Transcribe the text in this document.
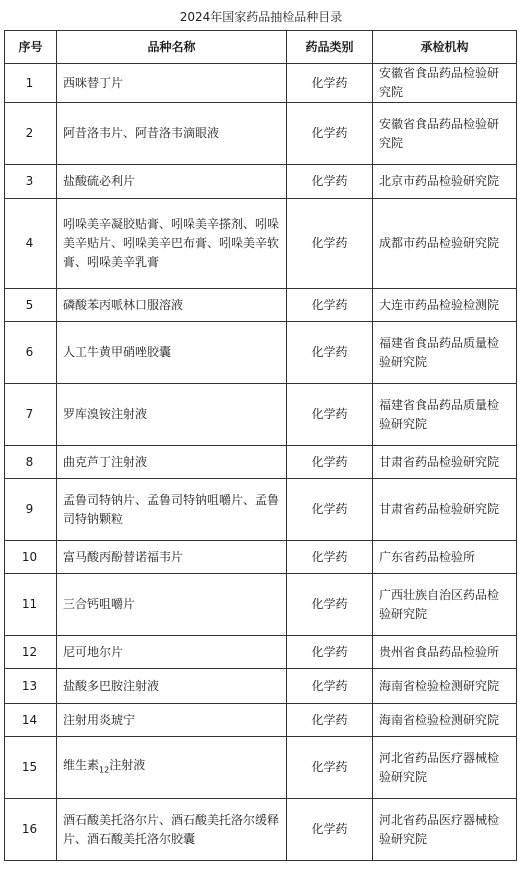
2024年国家药品抽检品种目录
序号	品种名称	药品类别	承检机构
1	西咪替丁片	化学药	安徽省食品药品检验研究院
2	阿昔洛韦片、阿昔洛韦滴眼液	化学药	安徽省食品药品检验研究院
3	盐酸硫必利片	化学药	北京市药品检验研究院
4	吲哚美辛凝胶贴膏、吲哚美辛搽剂、吲哚美辛贴片、吲哚美辛巴布膏、吲哚美辛软膏、吲哚美辛乳膏	化学药	成都市药品检验研究院
5	磷酸苯丙哌林口服溶液	化学药	大连市药品检验检测院
6	人工牛黄甲硝唑胶囊	化学药	福建省食品药品质量检验研究院
7	罗库溴铵注射液	化学药	福建省食品药品质量检验研究院
8	曲克芦丁注射液	化学药	甘肃省药品检验研究院
9	孟鲁司特钠片、孟鲁司特钠咀嚼片、孟鲁司特钠颗粒	化学药	甘肃省药品检验研究院
10	富马酸丙酚替诺福韦片	化学药	广东省药品检验所
11	三合钙咀嚼片	化学药	广西壮族自治区药品检验研究院
12	尼可地尔片	化学药	贵州省食品药品检验所
13	盐酸多巴胺注射液	化学药	海南省检验检测研究院
14	注射用炎琥宁	化学药	海南省检验检测研究院
15	维生素$_{12}$注射液	化学药	河北省药品医疗器械检验研究院
16	酒石酸美托洛尔片、酒石酸美托洛尔缓释片、酒石酸美托洛尔胶囊	化学药	河北省药品医疗器械检验研究院
